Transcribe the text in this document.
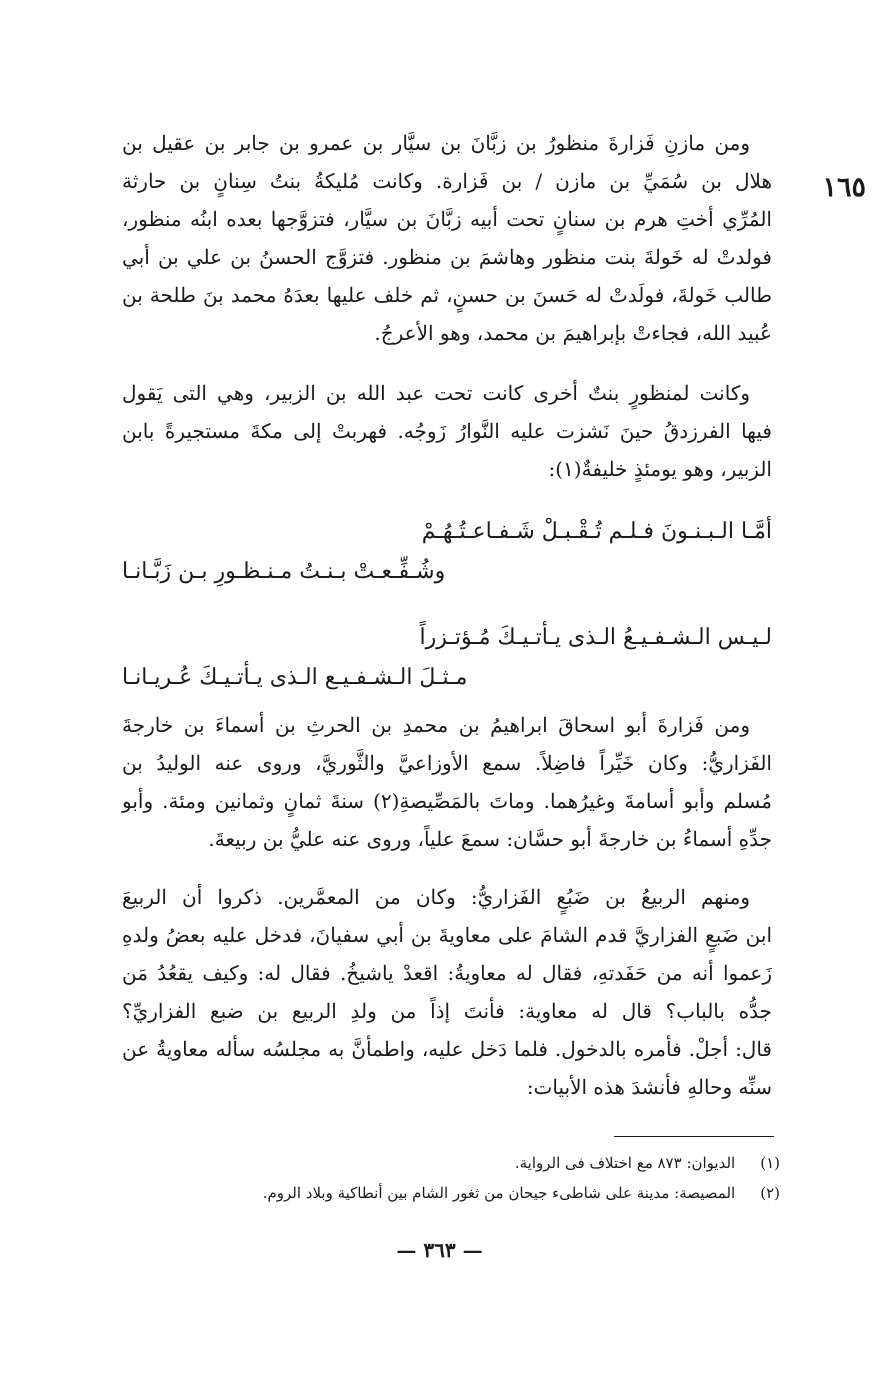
١٦٥

ومن مازنِ فَزارةَ منظورُ بن زبَّانَ بن سيَّار بن عمرو بن جابر بن عقيل بن
هلال بن سُمَيِّ بن مازن / بن فَزارة. وكانت مُليكةُ بنتُ سِنانٍ بن حارثة
المُرِّي أختِ هرم بن سنانٍ تحت أبيه زبَّانَ بن سيَّار، فتزوَّجها بعده ابنُه منظور،
فولدتْ له خَولةَ بنت منظور وهاشمَ بن منظور. فتزوَّج الحسنُ بن علي بن أبي
طالب خَولةَ، فولَدتْ له حَسنَ بن حسنٍ، ثم خلف عليها بعدَهُ محمد بنَ طلحة بن
عُبيد الله، فجاءتْ بإبراهيمَ بن محمد، وهو الأعرجُ.

وكانت لمنظورٍ بنتٌ أخرى كانت تحت عبد الله بن الزبير، وهي التى يَقول
فيها الفرزدقُ حينَ نَشزت عليه النَّوارُ زَوجُه. فهربتْ إلى مكةَ مستجيرةً بابن
الزبير، وهو يومئذٍ خليفةٌ(١):

أمَّـا الـبـنـونَ فـلـم تُـقْـبـلْ شَـفـاعـتُـهُـمْ
وشُـفِّـعـتْ بـنـتُ مـنـظـورِ بـن زَبَّـانـا
لـيـس الـشـفـيـعُ الـذى يـأتـيـكَ مُـؤتـزراً
مـثـلَ الـشـفـيـع الـذى يـأتـيـكَ عُـريـانـا

ومن فَزارةَ أبو اسحاقَ ابراهيمُ بن محمدِ بن الحرثِ بن أسماءَ بن خارجةَ
الفَزاريُّ: وكان خَيِّراً فاضِلاً. سمع الأوزاعيَّ والثَّوريَّ، وروى عنه الوليدُ بن
مُسلم وأبو أسامةَ وغيرُهما. وماتَ بالمَصِّيصةِ(٢) سنةَ ثمانٍ وثمانين ومئة. وأبو
جدِّهِ أسماءُ بن خارجةَ أبو حسَّان: سمعَ علياً، وروى عنه عليُّ بن ربيعةَ.

ومنهم الربيعُ بن ضَبُعٍ الفَزاريُّ: وكان من المعمَّرين. ذكروا أن الربيعَ
ابن ضَبعٍ الفزاريَّ قدم الشامَ على معاويةَ بن أبي سفيانَ، فدخل عليه بعضُ ولدهِ
زَعموا أنه من حَفَدتهِ، فقال له معاويةُ: اقعدْ ياشيخُ. فقال له: وكيف يقعُدُ مَن
جدُّه بالباب؟ قال له معاوية: فأنتَ إذاً من ولدِ الربيع بن ضبع الفزاريِّ؟
قال: أجلْ. فأمره بالدخول. فلما دَخل عليه، واطمأنَّ به مجلسُه سأله معاويةُ عن
سنِّه وحالهِ فأنشدَ هذه الأبيات:

(١) الديوان: ٨٧٣ مع اختلاف فى الرواية.
(٢) المصيصة: مدينة على شاطىء جيحان من ثغور الشام بين أنطاكية وبلاد الروم.
— ٣٦٣ —
